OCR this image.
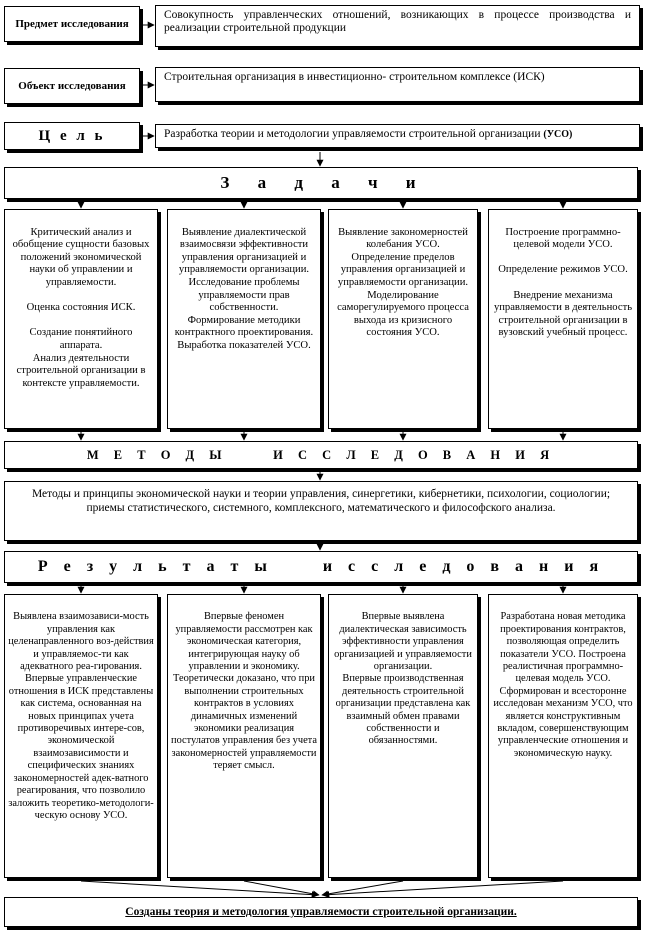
Предмет исследования
Совокупность управленческих отношений, возникающих в процессе производства и реализации строительной продукции
Объект исследования
Строительная организация в инвестиционно- строительном комплексе (ИСК)
Ц е л ь	Разработка теории и методологии управляемости строительной организации (УСО)
З а д а ч и

Критический анализ и обобщение сущности базовых положений экономической науки об управлении и управляемости.

Оценка состояния ИСК.

Создание понятийного аппарата.
Анализ деятельности строительной организации в контексте управляемости.

Выявление диалектической взаимосвязи эффективности управления организацией и управляемости организации.
Исследование проблемы управляемости прав собственности.
Формирование методики контрактного проектирования.
Выработка показателей УСО.

Выявление закономерностей колебания УСО.
Определение пределов управления организацией и управляемости организации.
Моделирование саморегулируемого процесса выхода из кризисного состояния УСО.

Построение программно-целевой модели УСО.

Определение режимов УСО.

Внедрение механизма управляемости в деятельность строительной организации в вузовский учебный процесс.

М Е Т О Д Ы     И С С Л Е Д О В А Н И Я
Методы и принципы экономической науки и теории управления, синергетики, кибернетики, психологии, социологии; приемы статистического, системного, комплексного, математического и философского анализа.
Р е з у л ь т а т ы     и с с л е д о в а н и я

Выявлена взаимозависи-мость управления как целенаправленного воз-действия и управляемос-ти как адекватного реа-гирования. Впервые управленческие отношения в ИСК представлены как система, основанная на новых принципах учета противоречивых интере-сов, экономической взаимозависимости и специфических знаниях закономерностей адек-ватного реагирования, что позволило заложить теоретико-методологи-ческую основу УСО.

Впервые феномен управляемости рассмотрен как экономическая категория, интегрирующая науку об управлении и экономику.
Теоретически доказано, что при выполнении строительных контрактов в условиях динамичных изменений экономики реализация постулатов управления без учета закономерностей управляемости теряет смысл.

Впервые выявлена диалектическая зависимость эффективности управления организацией и управляемости организации.
Впервые производственная деятельность строительной организации представлена как взаимный обмен правами собственности и обязанностями.

Разработана новая методика проектирования контрактов, позволяющая определить показатели УСО. Построена реалистичная программно-целевая модель УСО.
Сформирован и всесторонне исследован механизм УСО, что является конструктивным вкладом, совершенствующим управленческие отношения и экономическую науку.

Созданы теория и методология управляемости строительной организации.
